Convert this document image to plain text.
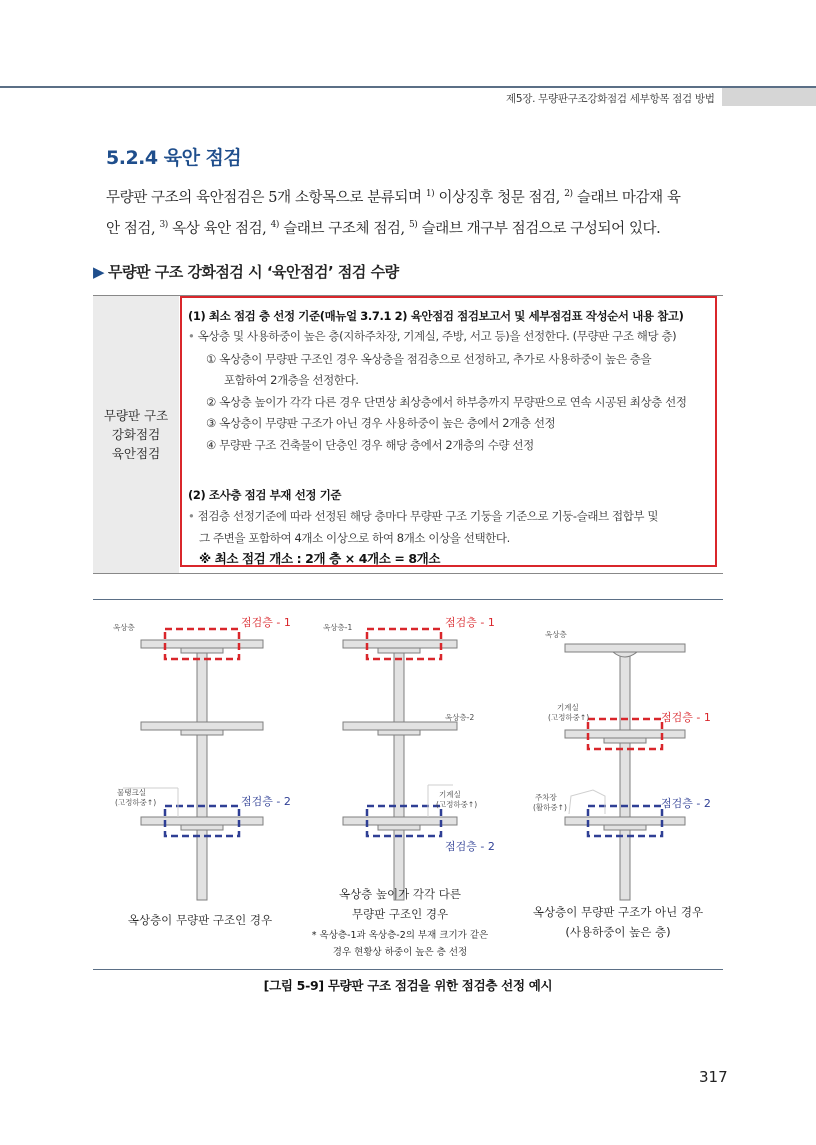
제5장. 무량판구조강화점검 세부항목 점검 방법
5.2.4 육안 점검
무량판 구조의 육안점검은 5개 소항목으로 분류되며 $^{1)}$ 이상징후 청문 점검, $^{2)}$ 슬래브 마감재 육
안 점검, $^{3)}$ 옥상 육안 점검, $^{4)}$ 슬래브 구조체 점검, $^{5)}$ 슬래브 개구부 점검으로 구성되어 있다.
▶ 무량판 구조 강화점검 시 ‘육안점검’ 점검 수량
무량판 구조
강화점검
육안점검
(1) 최소 점검 층 선정 기준(매뉴얼 3.7.1 2) 육안점검 점검보고서 및 세부점검표 작성순서 내용 참고)
• 옥상층 및 사용하중이 높은 층(지하주차장, 기계실, 주방, 서고 등)을 선정한다. (무량판 구조 해당 층)
① 옥상층이 무량판 구조인 경우 옥상층을 점검층으로 선정하고, 추가로 사용하중이 높은 층을
포함하여 2개층을 선정한다.
② 옥상층 높이가 각각 다른 경우 단면상 최상층에서 하부층까지 무량판으로 연속 시공된 최상층 선정
③ 옥상층이 무량판 구조가 아닌 경우 사용하중이 높은 층에서 2개층 선정
④ 무량판 구조 건축물이 단층인 경우 해당 층에서 2개층의 수량 선정
(2) 조사층 점검 부재 선정 기준
• 점검층 선정기준에 따라 선정된 해당 층마다 무량판 구조 기둥을 기준으로 기둥-슬래브 접합부 및
그 주변을 포함하여 4개소 이상으로 하여 8개소 이상을 선택한다.
※ 최소 점검 개소 : 2개 층 × 4개소 = 8개소
옥상층	점검층 - 1
물탱크실
(고정하중↑)	점검층 - 2
옥상층이 무량판 구조인 경우
옥상층-1	점검층 - 1
옥상층-2
기계실
(고정하중↑)
점검층 - 2
옥상층 높이가 각각 다른
무량판 구조인 경우
* 옥상층-1과 옥상층-2의 부재 크기가 같은
경우 현황상 하중이 높은 층 선정
옥상층
기계실
(고정하중↑)	점검층 - 1
주차장
(활하중↑)	점검층 - 2
옥상층이 무량판 구조가 아닌 경우
(사용하중이 높은 층)
[그림 5-9] 무량판 구조 점검을 위한 점검층 선정 예시
317
